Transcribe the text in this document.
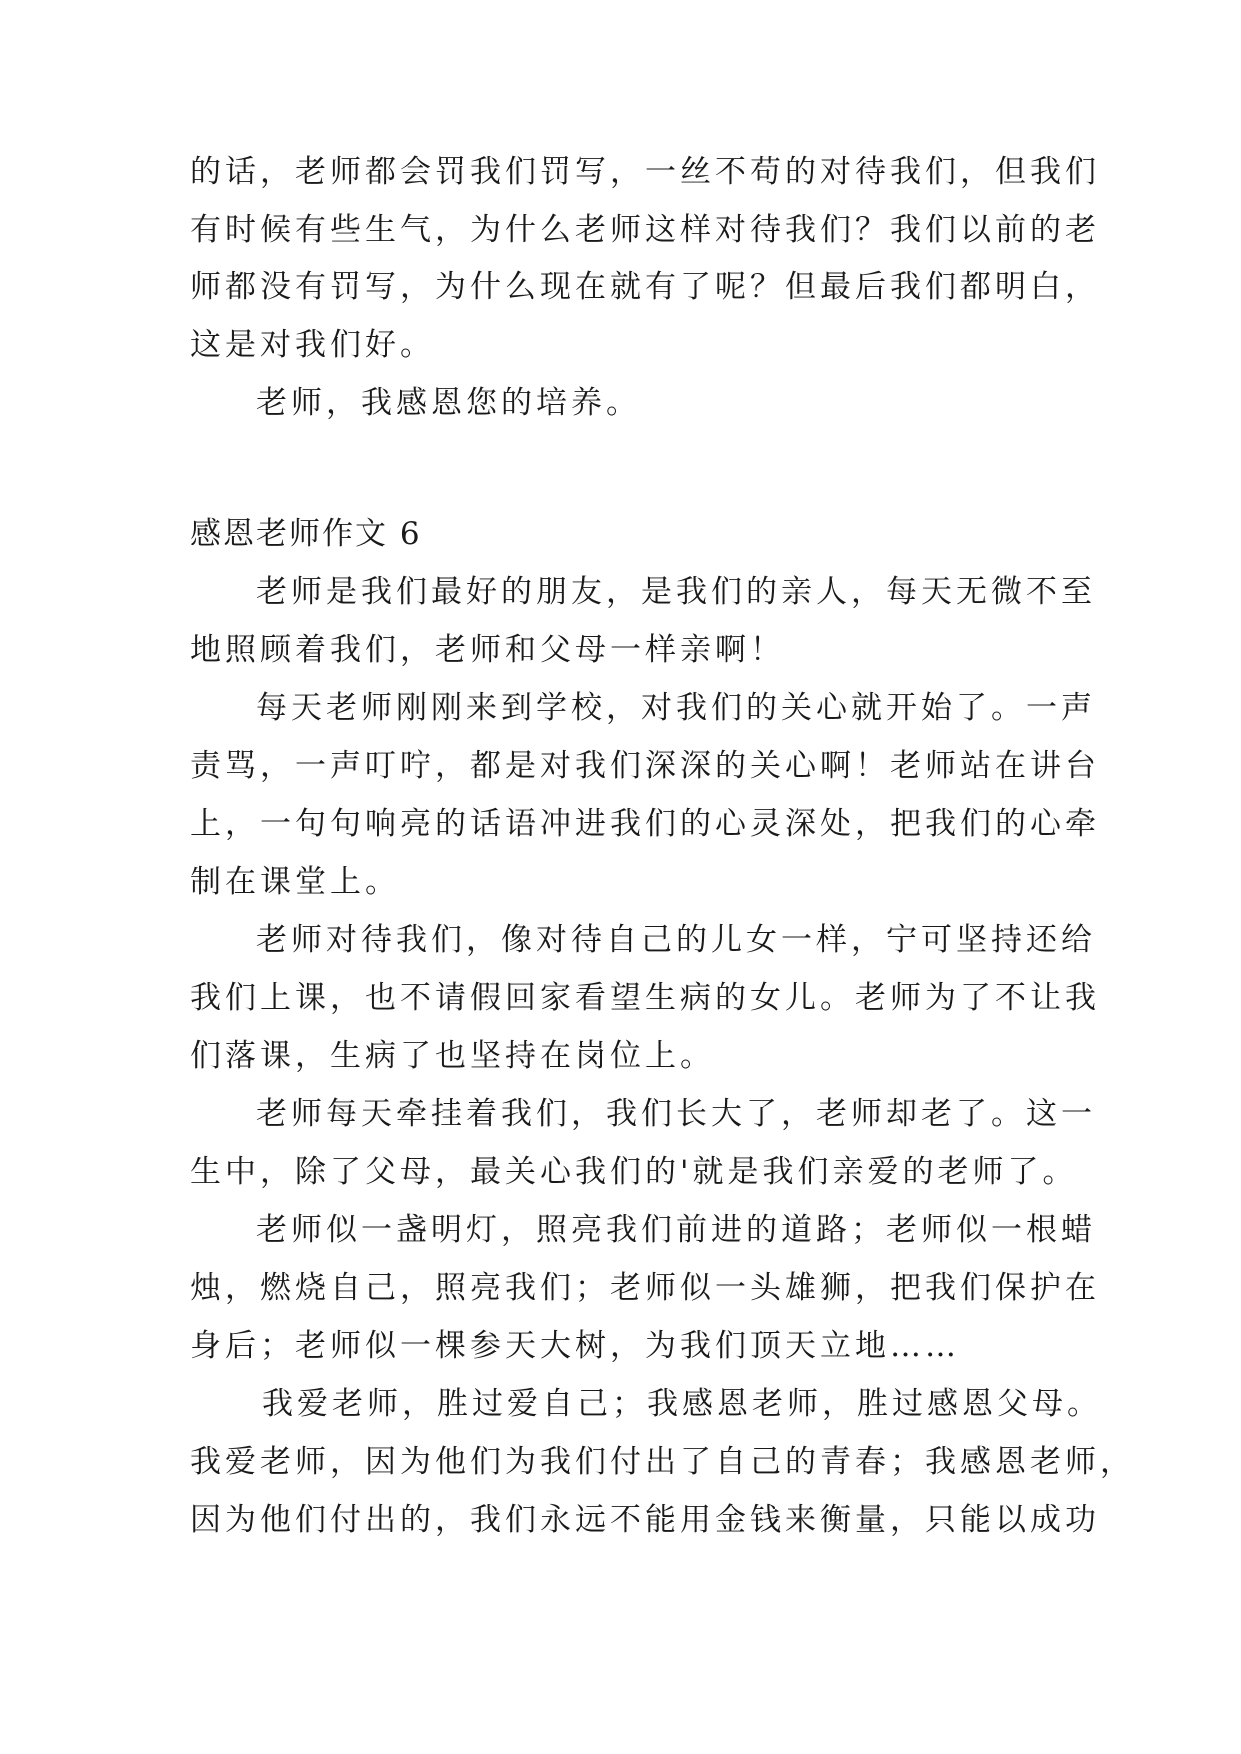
的话，老师都会罚我们罚写，一丝不苟的对待我们，但我们
有时候有些生气，为什么老师这样对待我们？我们以前的老
师都没有罚写，为什么现在就有了呢？但最后我们都明白，
这是对我们好。
老师，我感恩您的培养。
感恩老师作文 6
老师是我们最好的朋友，是我们的亲人，每天无微不至
地照顾着我们，老师和父母一样亲啊！
每天老师刚刚来到学校，对我们的关心就开始了。一声
责骂，一声叮咛，都是对我们深深的关心啊！老师站在讲台
上，一句句响亮的话语冲进我们的心灵深处，把我们的心牵
制在课堂上。
老师对待我们，像对待自己的儿女一样，宁可坚持还给
我们上课，也不请假回家看望生病的女儿。老师为了不让我
们落课，生病了也坚持在岗位上。
老师每天牵挂着我们，我们长大了，老师却老了。这一
生中，除了父母，最关心我们的'就是我们亲爱的老师了。
老师似一盏明灯，照亮我们前进的道路；老师似一根蜡
烛，燃烧自己，照亮我们；老师似一头雄狮，把我们保护在
身后；老师似一棵参天大树，为我们顶天立地……
我爱老师，胜过爱自己；我感恩老师，胜过感恩父母。
我爱老师，因为他们为我们付出了自己的青春；我感恩老师，
因为他们付出的，我们永远不能用金钱来衡量，只能以成功
